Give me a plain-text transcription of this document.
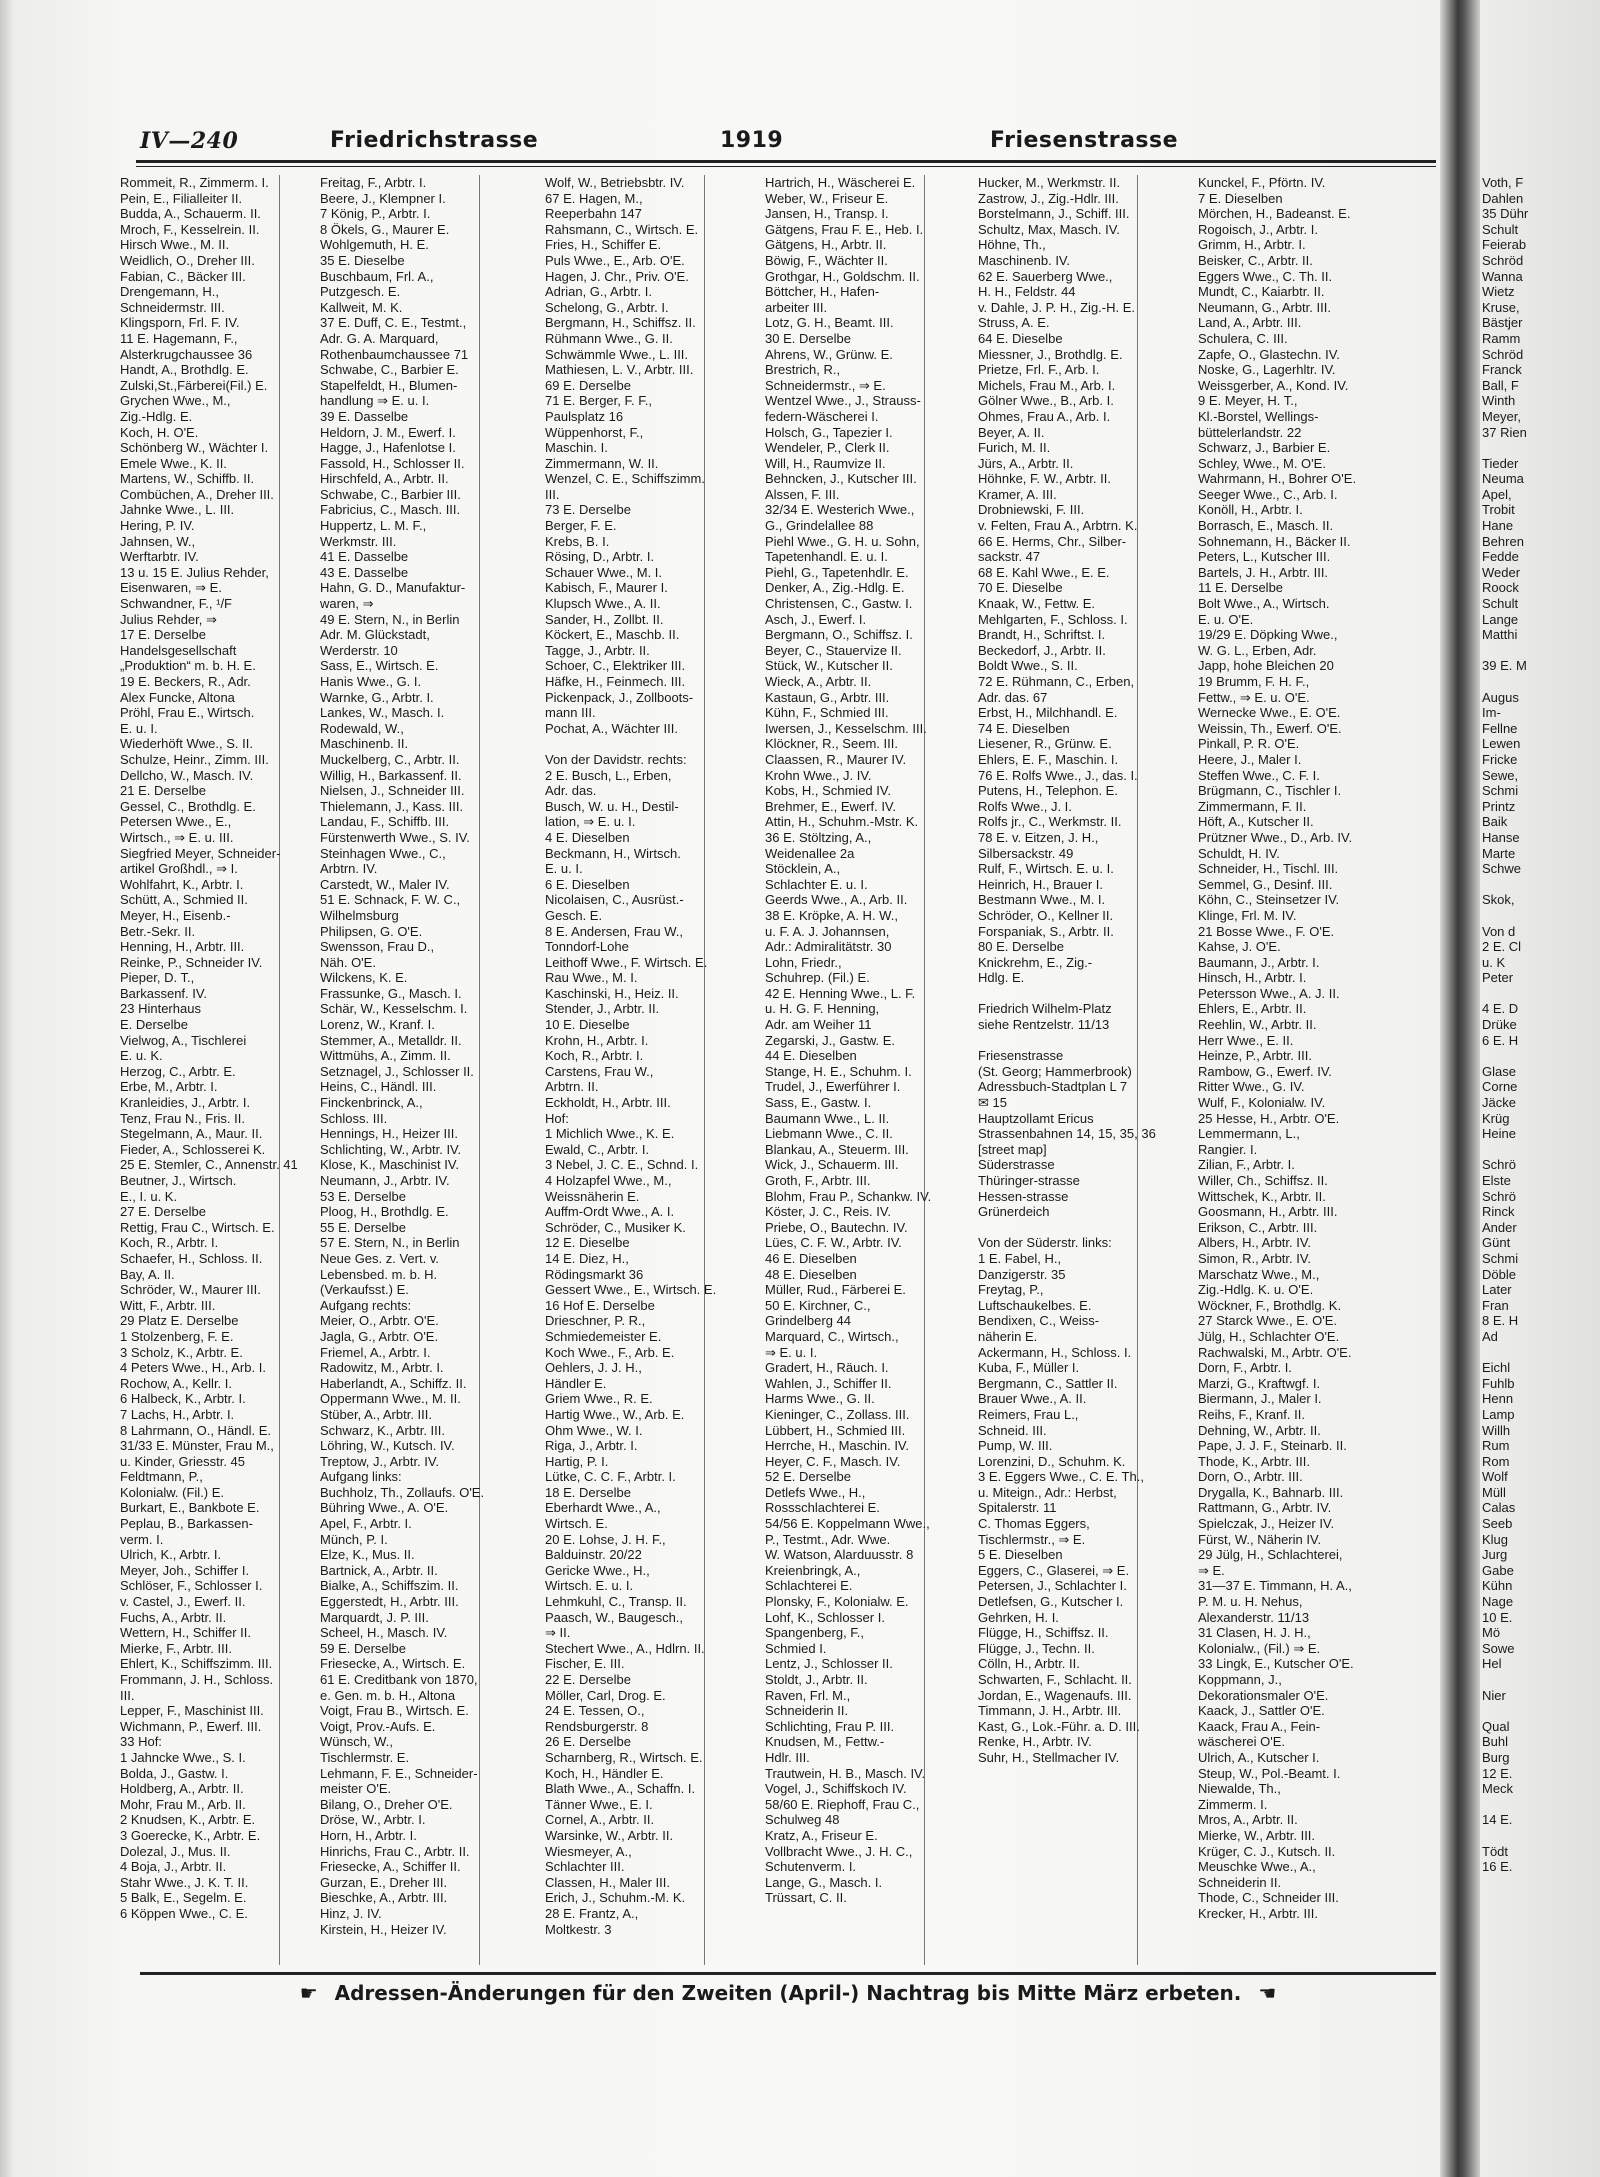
IV—240	Friedrichstrasse	1919	Friesenstrasse
Rommeit, R., Zimmerm. I.
Pein, E., Filialleiter II.
Budda, A., Schauerm. II.
Mroch, F., Kesselrein. II.
Hirsch Wwe., M. II.
Weidlich, O., Dreher III.
Fabian, C., Bäcker III.
Drengemann, H.,
Schneidermstr. III.
Klingsporn, Frl. F. IV.
11 E. Hagemann, F.,
Alsterkrugchaussee 36
Handt, A., Brothdlg. E.
Zulski,St.,Färberei(Fil.) E.
Grychen Wwe., M.,
Zig.-Hdlg. E.
Koch, H. O'E.
Schönberg W., Wächter I.
Emele Wwe., K. II.
Martens, W., Schiffb. II.
Combüchen, A., Dreher III.
Jahnke Wwe., L. III.
Hering, P. IV.
Jahnsen, W.,
Werftarbtr. IV.
13 u. 15 E. Julius Rehder,
Eisenwaren, ⇒ E.
Schwandner, F., ¹/F
Julius Rehder, ⇒
17 E. Derselbe
Handelsgesellschaft
„Produktion“ m. b. H. E.
19 E. Beckers, R., Adr.
Alex Funcke, Altona
Pröhl, Frau E., Wirtsch.
E. u. I.
Wiederhöft Wwe., S. II.
Schulze, Heinr., Zimm. III.
Dellcho, W., Masch. IV.
21 E. Derselbe
Gessel, C., Brothdlg. E.
Petersen Wwe., E.,
Wirtsch., ⇒ E. u. III.
Siegfried Meyer, Schneider-
artikel Großhdl., ⇒ I.
Wohlfahrt, K., Arbtr. I.
Schütt, A., Schmied II.
Meyer, H., Eisenb.-
Betr.-Sekr. II.
Henning, H., Arbtr. III.
Reinke, P., Schneider IV.
Pieper, D. T.,
Barkassenf. IV.
23 Hinterhaus
E. Derselbe
Vielwog, A., Tischlerei
E. u. K.
Herzog, C., Arbtr. E.
Erbe, M., Arbtr. I.
Kranleidies, J., Arbtr. I.
Tenz, Frau N., Fris. II.
Stegelmann, A., Maur. II.
Fieder, A., Schlosserei K.
25 E. Stemler, C., Annenstr. 41
Beutner, J., Wirtsch.
E., I. u. K.
27 E. Derselbe
Rettig, Frau C., Wirtsch. E.
Koch, R., Arbtr. I.
Schaefer, H., Schloss. II.
Bay, A. II.
Schröder, W., Maurer III.
Witt, F., Arbtr. III.
29 Platz E. Derselbe
1 Stolzenberg, F. E.
3 Scholz, K., Arbtr. E.
4 Peters Wwe., H., Arb. I.
Rochow, A., Kellr. I.
6 Halbeck, K., Arbtr. I.
7 Lachs, H., Arbtr. I.
8 Lahrmann, O., Händl. E.
31/33 E. Münster, Frau M.,
u. Kinder, Griesstr. 45
Feldtmann, P.,
Kolonialw. (Fil.) E.
Burkart, E., Bankbote E.
Peplau, B., Barkassen-
verm. I.
Ulrich, K., Arbtr. I.
Meyer, Joh., Schiffer I.
Schlöser, F., Schlosser I.
v. Castel, J., Ewerf. II.
Fuchs, A., Arbtr. II.
Wettern, H., Schiffer II.
Mierke, F., Arbtr. III.
Ehlert, K., Schiffszimm. III.
Frommann, J. H., Schloss.
III.
Lepper, F., Maschinist III.
Wichmann, P., Ewerf. III.
33 Hof:
1 Jahncke Wwe., S. I.
Bolda, J., Gastw. I.
Holdberg, A., Arbtr. II.
Mohr, Frau M., Arb. II.
2 Knudsen, K., Arbtr. E.
3 Goerecke, K., Arbtr. E.
Dolezal, J., Mus. II.
4 Boja, J., Arbtr. II.
Stahr Wwe., J. K. T. II.
5 Balk, E., Segelm. E.
6 Köppen Wwe., C. E.
Freitag, F., Arbtr. I.
Beere, J., Klempner I.
7 König, P., Arbtr. I.
8 Ökels, G., Maurer E.
Wohlgemuth, H. E.
35 E. Dieselbe
Buschbaum, Frl. A.,
Putzgesch. E.
Kallweit, M. K.
37 E. Duff, C. E., Testmt.,
Adr. G. A. Marquard,
Rothenbaumchaussee 71
Schwabe, C., Barbier E.
Stapelfeldt, H., Blumen-
handlung ⇒ E. u. I.
39 E. Dasselbe
Heldorn, J. M., Ewerf. I.
Hagge, J., Hafenlotse I.
Fassold, H., Schlosser II.
Hirschfeld, A., Arbtr. II.
Schwabe, C., Barbier III.
Fabricius, C., Masch. III.
Huppertz, L. M. F.,
Werkmstr. III.
41 E. Dasselbe
43 E. Dasselbe
Hahn, G. D., Manufaktur-
waren, ⇒
49 E. Stern, N., in Berlin
Adr. M. Glückstadt,
Werderstr. 10
Sass, E., Wirtsch. E.
Hanis Wwe., G. I.
Warnke, G., Arbtr. I.
Lankes, W., Masch. I.
Rodewald, W.,
Maschinenb. II.
Muckelberg, C., Arbtr. II.
Willig, H., Barkassenf. II.
Nielsen, J., Schneider III.
Thielemann, J., Kass. III.
Landau, F., Schiffb. III.
Fürstenwerth Wwe., S. IV.
Steinhagen Wwe., C.,
Arbtrn. IV.
Carstedt, W., Maler IV.
51 E. Schnack, F. W. C.,
Wilhelmsburg
Philipsen, G. O'E.
Swensson, Frau D.,
Näh. O'E.
Wilckens, K. E.
Frassunke, G., Masch. I.
Schär, W., Kesselschm. I.
Lorenz, W., Kranf. I.
Stemmer, A., Metalldr. II.
Wittmühs, A., Zimm. II.
Setznagel, J., Schlosser II.
Heins, C., Händl. III.
Finckenbrinck, A.,
Schloss. III.
Hennings, H., Heizer III.
Schlichting, W., Arbtr. IV.
Klose, K., Maschinist IV.
Neumann, J., Arbtr. IV.
53 E. Derselbe
Ploog, H., Brothdlg. E.
55 E. Derselbe
57 E. Stern, N., in Berlin
Neue Ges. z. Vert. v.
Lebensbed. m. b. H.
(Verkaufsst.) E.
Aufgang rechts:
Meier, O., Arbtr. O'E.
Jagla, G., Arbtr. O'E.
Friemel, A., Arbtr. I.
Radowitz, M., Arbtr. I.
Haberlandt, A., Schiffz. II.
Oppermann Wwe., M. II.
Stüber, A., Arbtr. III.
Schwarz, K., Arbtr. III.
Löhring, W., Kutsch. IV.
Treptow, J., Arbtr. IV.
Aufgang links:
Buchholz, Th., Zollaufs. O'E.
Bühring Wwe., A. O'E.
Apel, F., Arbtr. I.
Münch, P. I.
Elze, K., Mus. II.
Bartnick, A., Arbtr. II.
Bialke, A., Schiffszim. II.
Eggerstedt, H., Arbtr. III.
Marquardt, J. P. III.
Scheel, H., Masch. IV.
59 E. Derselbe
Friesecke, A., Wirtsch. E.
61 E. Creditbank von 1870,
e. Gen. m. b. H., Altona
Voigt, Frau B., Wirtsch. E.
Voigt, Prov.-Aufs. E.
Wünsch, W.,
Tischlermstr. E.
Lehmann, F. E., Schneider-
meister O'E.
Bilang, O., Dreher O'E.
Dröse, W., Arbtr. I.
Horn, H., Arbtr. I.
Hinrichs, Frau C., Arbtr. II.
Friesecke, A., Schiffer II.
Gurzan, E., Dreher III.
Bieschke, A., Arbtr. III.
Hinz, J. IV.
Kirstein, H., Heizer IV.
Wolf, W., Betriebsbtr. IV.
67 E. Hagen, M.,
Reeperbahn 147
Rahsmann, C., Wirtsch. E.
Fries, H., Schiffer E.
Puls Wwe., E., Arb. O'E.
Hagen, J. Chr., Priv. O'E.
Adrian, G., Arbtr. I.
Schelong, G., Arbtr. I.
Bergmann, H., Schiffsz. II.
Rühmann Wwe., G. II.
Schwämmle Wwe., L. III.
Mathiesen, L. V., Arbtr. III.
69 E. Derselbe
71 E. Berger, F. F.,
Paulsplatz 16
Wüppenhorst, F.,
Maschin. I.
Zimmermann, W. II.
Wenzel, C. E., Schiffszimm.
III.
73 E. Derselbe
Berger, F. E.
Krebs, B. I.
Rösing, D., Arbtr. I.
Schauer Wwe., M. I.
Kabisch, F., Maurer I.
Klupsch Wwe., A. II.
Sander, H., Zollbt. II.
Köckert, E., Maschb. II.
Tagge, J., Arbtr. II.
Schoer, C., Elektriker III.
Häfke, H., Feinmech. III.
Pickenpack, J., Zollboots-
mann III.
Pochat, A., Wächter III.
Von der Davidstr. rechts:
2 E. Busch, L., Erben,
Adr. das.
Busch, W. u. H., Destil-
lation, ⇒ E. u. I.
4 E. Dieselben
Beckmann, H., Wirtsch.
E. u. I.
6 E. Dieselben
Nicolaisen, C., Ausrüst.-
Gesch. E.
8 E. Andersen, Frau W.,
Tonndorf-Lohe
Leithoff Wwe., F. Wirtsch. E.
Rau Wwe., M. I.
Kaschinski, H., Heiz. II.
Stender, J., Arbtr. II.
10 E. Dieselbe
Krohn, H., Arbtr. I.
Koch, R., Arbtr. I.
Carstens, Frau W.,
Arbtrn. II.
Eckholdt, H., Arbtr. III.
Hof:
1 Michlich Wwe., K. E.
Ewald, C., Arbtr. I.
3 Nebel, J. C. E., Schnd. I.
4 Holzapfel Wwe., M.,
Weissnäherin E.
Auffm-Ordt Wwe., A. I.
Schröder, C., Musiker K.
12 E. Dieselbe
14 E. Diez, H.,
Rödingsmarkt 36
Gessert Wwe., E., Wirtsch. E.
16 Hof E. Derselbe
Drieschner, P. R.,
Schmiedemeister E.
Koch Wwe., F., Arb. E.
Oehlers, J. J. H.,
Händler E.
Griem Wwe., R. E.
Hartig Wwe., W., Arb. E.
Ohm Wwe., W. I.
Riga, J., Arbtr. I.
Hartig, P. I.
Lütke, C. C. F., Arbtr. I.
18 E. Derselbe
Eberhardt Wwe., A.,
Wirtsch. E.
20 E. Lohse, J. H. F.,
Balduinstr. 20/22
Gericke Wwe., H.,
Wirtsch. E. u. I.
Lehmkuhl, C., Transp. II.
Paasch, W., Baugesch.,
⇒ II.
Stechert Wwe., A., Hdlrn. II.
Fischer, E. III.
22 E. Derselbe
Möller, Carl, Drog. E.
24 E. Tessen, O.,
Rendsburgerstr. 8
26 E. Derselbe
Scharnberg, R., Wirtsch. E.
Koch, H., Händler E.
Blath Wwe., A., Schaffn. I.
Tänner Wwe., E. I.
Cornel, A., Arbtr. II.
Warsinke, W., Arbtr. II.
Wiesmeyer, A.,
Schlachter III.
Classen, H., Maler III.
Erich, J., Schuhm.-M. K.
28 E. Frantz, A.,
Moltkestr. 3
Hartrich, H., Wäscherei E.
Weber, W., Friseur E.
Jansen, H., Transp. I.
Gätgens, Frau F. E., Heb. I.
Gätgens, H., Arbtr. II.
Böwig, F., Wächter II.
Grothgar, H., Goldschm. II.
Böttcher, H., Hafen-
arbeiter III.
Lotz, G. H., Beamt. III.
30 E. Derselbe
Ahrens, W., Grünw. E.
Brestrich, R.,
Schneidermstr., ⇒ E.
Wentzel Wwe., J., Strauss-
federn-Wäscherei I.
Holsch, G., Tapezier I.
Wendeler, P., Clerk II.
Will, H., Raumvize II.
Behncken, J., Kutscher III.
Alssen, F. III.
32/34 E. Westerich Wwe.,
G., Grindelallee 88
Piehl Wwe., G. H. u. Sohn,
Tapetenhandl. E. u. I.
Piehl, G., Tapetenhdlr. E.
Denker, A., Zig.-Hdlg. E.
Christensen, C., Gastw. I.
Asch, J., Ewerf. I.
Bergmann, O., Schiffsz. I.
Beyer, C., Stauervize II.
Stück, W., Kutscher II.
Wieck, A., Arbtr. II.
Kastaun, G., Arbtr. III.
Kühn, F., Schmied III.
Iwersen, J., Kesselschm. III.
Klöckner, R., Seem. III.
Claassen, R., Maurer IV.
Krohn Wwe., J. IV.
Kobs, H., Schmied IV.
Brehmer, E., Ewerf. IV.
Attin, H., Schuhm.-Mstr. K.
36 E. Stöltzing, A.,
Weidenallee 2a
Stöcklein, A.,
Schlachter E. u. I.
Geerds Wwe., A., Arb. II.
38 E. Kröpke, A. H. W.,
u. F. A. J. Johannsen,
Adr.: Admiralitätstr. 30
Lohn, Friedr.,
Schuhrep. (Fil.) E.
42 E. Henning Wwe., L. F.
u. H. G. F. Henning,
Adr. am Weiher 11
Zegarski, J., Gastw. E.
44 E. Dieselben
Stange, H. E., Schuhm. I.
Trudel, J., Ewerführer I.
Sass, E., Gastw. I.
Baumann Wwe., L. II.
Liebmann Wwe., C. II.
Blankau, A., Steuerm. III.
Wick, J., Schauerm. III.
Groth, F., Arbtr. III.
Blohm, Frau P., Schankw. IV.
Köster, J. C., Reis. IV.
Priebe, O., Bautechn. IV.
Lües, C. F. W., Arbtr. IV.
46 E. Dieselben
48 E. Dieselben
Müller, Rud., Färberei E.
50 E. Kirchner, C.,
Grindelberg 44
Marquard, C., Wirtsch.,
⇒ E. u. I.
Gradert, H., Räuch. I.
Wahlen, J., Schiffer II.
Harms Wwe., G. II.
Kieninger, C., Zollass. III.
Lübbert, H., Schmied III.
Herrche, H., Maschin. IV.
Heyer, C. F., Masch. IV.
52 E. Derselbe
Detlefs Wwe., H.,
Rossschlachterei E.
54/56 E. Koppelmann Wwe.,
P., Testmt., Adr. Wwe.
W. Watson, Alarduusstr. 8
Kreienbringk, A.,
Schlachterei E.
Plonsky, F., Kolonialw. E.
Lohf, K., Schlosser I.
Spangenberg, F.,
Schmied I.
Lentz, J., Schlosser II.
Stoldt, J., Arbtr. II.
Raven, Frl. M.,
Schneiderin II.
Schlichting, Frau P. III.
Knudsen, M., Fettw.-
Hdlr. III.
Trautwein, H. B., Masch. IV.
Vogel, J., Schiffskoch IV.
58/60 E. Riephoff, Frau C.,
Schulweg 48
Kratz, A., Friseur E.
Vollbracht Wwe., J. H. C.,
Schutenverm. I.
Lange, G., Masch. I.
Trüssart, C. II.
Hucker, M., Werkmstr. II.
Zastrow, J., Zig.-Hdlr. III.
Borstelmann, J., Schiff. III.
Schultz, Max, Masch. IV.
Höhne, Th.,
Maschinenb. IV.
62 E. Sauerberg Wwe.,
H. H., Feldstr. 44
v. Dahle, J. P. H., Zig.-H. E.
Struss, A. E.
64 E. Dieselbe
Miessner, J., Brothdlg. E.
Prietze, Frl. F., Arb. I.
Michels, Frau M., Arb. I.
Gölner Wwe., B., Arb. I.
Ohmes, Frau A., Arb. I.
Beyer, A. II.
Furich, M. II.
Jürs, A., Arbtr. II.
Höhnke, F. W., Arbtr. II.
Kramer, A. III.
Drobniewski, F. III.
v. Felten, Frau A., Arbtrn. K.
66 E. Herms, Chr., Silber-
sackstr. 47
68 E. Kahl Wwe., E. E.
70 E. Dieselbe
Knaak, W., Fettw. E.
Mehlgarten, F., Schloss. I.
Brandt, H., Schriftst. I.
Beckedorf, J., Arbtr. II.
Boldt Wwe., S. II.
72 E. Rühmann, C., Erben,
Adr. das. 67
Erbst, H., Milchhandl. E.
74 E. Dieselben
Liesener, R., Grünw. E.
Ehlers, E. F., Maschin. I.
76 E. Rolfs Wwe., J., das. I.
Putens, H., Telephon. E.
Rolfs Wwe., J. I.
Rolfs jr., C., Werkmstr. II.
78 E. v. Eitzen, J. H.,
Silbersackstr. 49
Rulf, F., Wirtsch. E. u. I.
Heinrich, H., Brauer I.
Bestmann Wwe., M. I.
Schröder, O., Kellner II.
Forspaniak, S., Arbtr. II.
80 E. Derselbe
Knickrehm, E., Zig.-
Hdlg. E.
Friedrich Wilhelm-Platz
siehe Rentzelstr. 11/13
Friesenstrasse
(St. Georg; Hammerbrook)
Adressbuch-Stadtplan L 7
✉ 15
Hauptzollamt Ericus
Strassenbahnen 14, 15, 35, 36
[street map]
Süderstrasse
Thüringer-strasse
Hessen-strasse
Grünerdeich
Von der Süderstr. links:
1 E. Fabel, H.,
Danzigerstr. 35
Freytag, P.,
Luftschaukelbes. E.
Bendixen, C., Weiss-
näherin E.
Ackermann, H., Schloss. I.
Kuba, F., Müller I.
Bergmann, C., Sattler II.
Brauer Wwe., A. II.
Reimers, Frau L.,
Schneid. III.
Pump, W. III.
Lorenzini, D., Schuhm. K.
3 E. Eggers Wwe., C. E. Th.,
u. Miteign., Adr.: Herbst,
Spitalerstr. 11
C. Thomas Eggers,
Tischlermstr., ⇒ E.
5 E. Dieselben
Eggers, C., Glaserei, ⇒ E.
Petersen, J., Schlachter I.
Detlefsen, G., Kutscher I.
Gehrken, H. I.
Flügge, H., Schiffsz. II.
Flügge, J., Techn. II.
Cölln, H., Arbtr. II.
Schwarten, F., Schlacht. II.
Jordan, E., Wagenaufs. III.
Timmann, J. H., Arbtr. III.
Kast, G., Lok.-Führ. a. D. III.
Renke, H., Arbtr. IV.
Suhr, H., Stellmacher IV.
Kunckel, F., Pförtn. IV.
7 E. Dieselben
Mörchen, H., Badeanst. E.
Rogoisch, J., Arbtr. I.
Grimm, H., Arbtr. I.
Beisker, C., Arbtr. II.
Eggers Wwe., C. Th. II.
Mundt, C., Kaiarbtr. II.
Neumann, G., Arbtr. III.
Land, A., Arbtr. III.
Schulera, C. III.
Zapfe, O., Glastechn. IV.
Noske, G., Lagerhltr. IV.
Weissgerber, A., Kond. IV.
9 E. Meyer, H. T.,
Kl.-Borstel, Wellings-
büttelerlandstr. 22
Schwarz, J., Barbier E.
Schley, Wwe., M. O'E.
Wahrmann, H., Bohrer O'E.
Seeger Wwe., C., Arb. I.
Konöll, H., Arbtr. I.
Borrasch, E., Masch. II.
Sohnemann, H., Bäcker II.
Peters, L., Kutscher III.
Bartels, J. H., Arbtr. III.
11 E. Derselbe
Bolt Wwe., A., Wirtsch.
E. u. O'E.
19/29 E. Döpking Wwe.,
W. G. L., Erben, Adr.
Japp, hohe Bleichen 20
19 Brumm, F. H. F.,
Fettw., ⇒ E. u. O'E.
Wernecke Wwe., E. O'E.
Weissin, Th., Ewerf. O'E.
Pinkall, P. R. O'E.
Heere, J., Maler I.
Steffen Wwe., C. F. I.
Brügmann, C., Tischler I.
Zimmermann, F. II.
Höft, A., Kutscher II.
Prützner Wwe., D., Arb. IV.
Schuldt, H. IV.
Schneider, H., Tischl. III.
Semmel, G., Desinf. III.
Köhn, C., Steinsetzer IV.
Klinge, Frl. M. IV.
21 Bosse Wwe., F. O'E.
Kahse, J. O'E.
Baumann, J., Arbtr. I.
Hinsch, H., Arbtr. I.
Petersson Wwe., A. J. II.
Ehlers, E., Arbtr. II.
Reehlin, W., Arbtr. II.
Herr Wwe., E. II.
Heinze, P., Arbtr. III.
Rambow, G., Ewerf. IV.
Ritter Wwe., G. IV.
Wulf, F., Kolonialw. IV.
25 Hesse, H., Arbtr. O'E.
Lemmermann, L.,
Rangier. I.
Zilian, F., Arbtr. I.
Willer, Ch., Schiffsz. II.
Wittschek, K., Arbtr. II.
Goosmann, H., Arbtr. III.
Erikson, C., Arbtr. III.
Albers, H., Arbtr. IV.
Simon, R., Arbtr. IV.
Marschatz Wwe., M.,
Zig.-Hdlg. K. u. O'E.
Wöckner, F., Brothdlg. K.
27 Starck Wwe., E. O'E.
Jülg, H., Schlachter O'E.
Rachwalski, M., Arbtr. O'E.
Dorn, F., Arbtr. I.
Marzi, G., Kraftwgf. I.
Biermann, J., Maler I.
Reihs, F., Kranf. II.
Dehning, W., Arbtr. II.
Pape, J. J. F., Steinarb. II.
Thode, K., Arbtr. III.
Dorn, O., Arbtr. III.
Drygalla, K., Bahnarb. III.
Rattmann, G., Arbtr. IV.
Spielczak, J., Heizer IV.
Fürst, W., Näherin IV.
29 Jülg, H., Schlachterei,
⇒ E.
31—37 E. Timmann, H. A.,
P. M. u. H. Nehus,
Alexanderstr. 11/13
31 Clasen, H. J. H.,
Kolonialw., (Fil.) ⇒ E.
33 Lingk, E., Kutscher O'E.
Koppmann, J.,
Dekorationsmaler O'E.
Kaack, J., Sattler O'E.
Kaack, Frau A., Fein-
wäscherei O'E.
Ulrich, A., Kutscher I.
Steup, W., Pol.-Beamt. I.
Niewalde, Th.,
Zimmerm. I.
Mros, A., Arbtr. II.
Mierke, W., Arbtr. III.
Krüger, C. J., Kutsch. II.
Meuschke Wwe., A.,
Schneiderin II.
Thode, C., Schneider III.
Krecker, H., Arbtr. III.
☛ Adressen-Änderungen für den Zweiten (April-) Nachtrag bis Mitte März erbeten. ☚
Voth, F
Dahlen
35 Dühr
Schult
Feierab
Schröd
Wanna
Wietz
Kruse,
Bästjer
Ramm
Schröd
Franck
Ball, F
Winth
Meyer,
37 Rien
Tieder
Neuma
Apel,
Trobit
Hane
Behren
Fedde
Weder
Roock
Schult
Lange
Matthi
39 E. M
Augus
Im-
Fellne
Lewen
Fricke
Sewe,
Schmi
Printz
Baik
Hanse
Marte
Schwe
Skok,
Von d
2 E. Cl
u. K
Peter
4 E. D
Drüke
6 E. H
Glase
Corne
Jäcke
Krüg
Heine
Schrö
Elste
Schrö
Rinck
Ander
Günt
Schmi
Döble
Later
Fran
8 E. H
Ad
Eichl
Fuhlb
Henn
Lamp
Willh
Rum
Rom
Wolf
Müll
Calas
Seeb
Klug
Jurg
Gabe
Kühn
Nage
10 E.
Mö
Sowe
Hel
Nier
Qual
Buhl
Burg
12 E.
Meck
14 E.
Tödt
16 E.
